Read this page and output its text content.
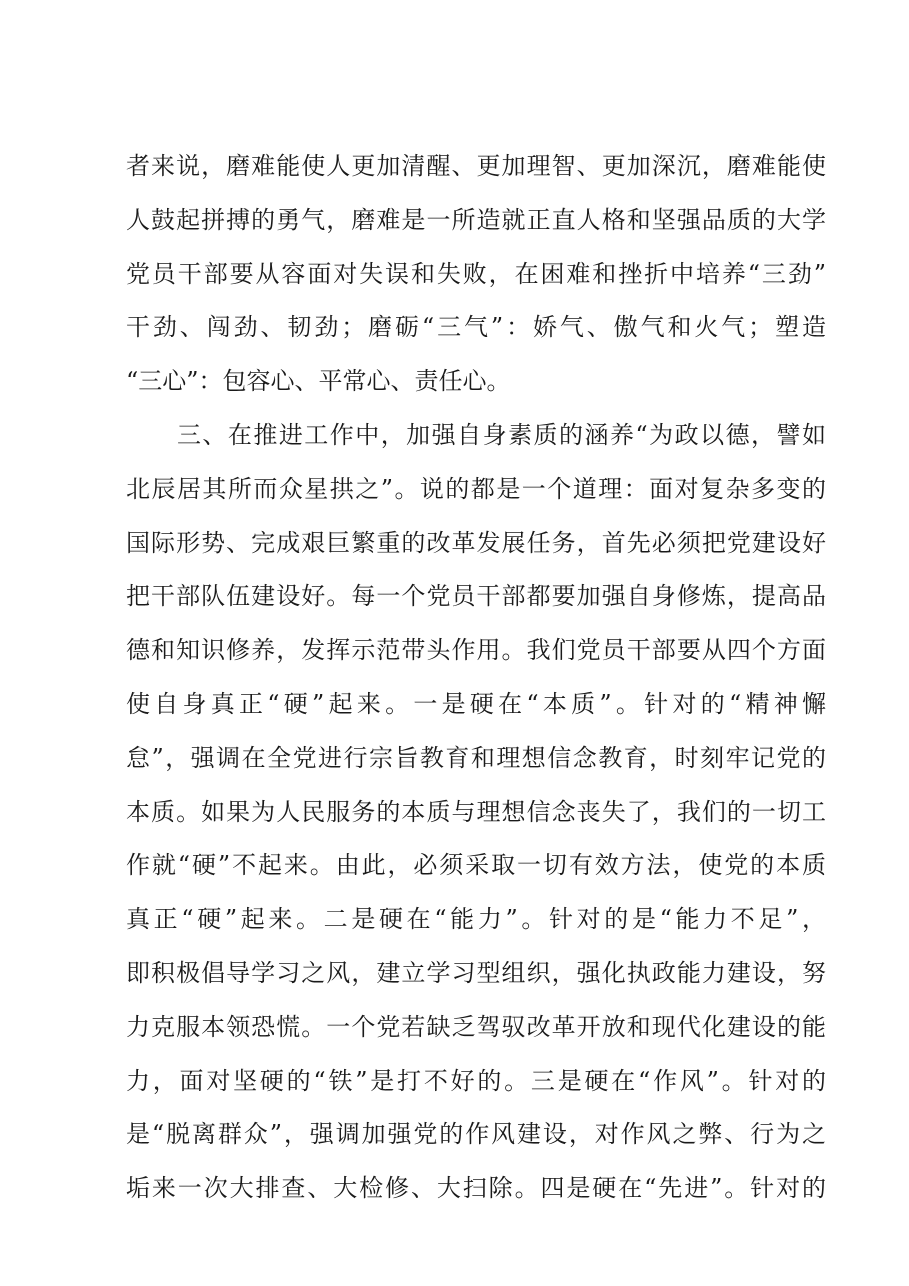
者来说，磨难能使人更加清醒、更加理智、更加深沉，磨难能使
人鼓起拼搏的勇气，磨难是一所造就正直人格和坚强品质的大学
党员干部要从容面对失误和失败，在困难和挫折中培养“三劲”
干劲、闯劲、韧劲；磨砺“三气”：娇气、傲气和火气；塑造
“三心”：包容心、平常心、责任心。
　　三、在推进工作中，加强自身素质的涵养“为政以德，譬如
北辰居其所而众星拱之”。说的都是一个道理：面对复杂多变的
国际形势、完成艰巨繁重的改革发展任务，首先必须把党建设好
把干部队伍建设好。每一个党员干部都要加强自身修炼，提高品
德和知识修养，发挥示范带头作用。我们党员干部要从四个方面
使自身真正“硬”起来。一是硬在“本质”。针对的“精神懈
怠”，强调在全党进行宗旨教育和理想信念教育，时刻牢记党的
本质。如果为人民服务的本质与理想信念丧失了，我们的一切工
作就“硬”不起来。由此，必须采取一切有效方法，使党的本质
真正“硬”起来。二是硬在“能力”。针对的是“能力不足”，
即积极倡导学习之风，建立学习型组织，强化执政能力建设，努
力克服本领恐慌。一个党若缺乏驾驭改革开放和现代化建设的能
力，面对坚硬的“铁”是打不好的。三是硬在“作风”。针对的
是“脱离群众”，强调加强党的作风建设，对作风之弊、行为之
垢来一次大排查、大检修、大扫除。四是硬在“先进”。针对的
